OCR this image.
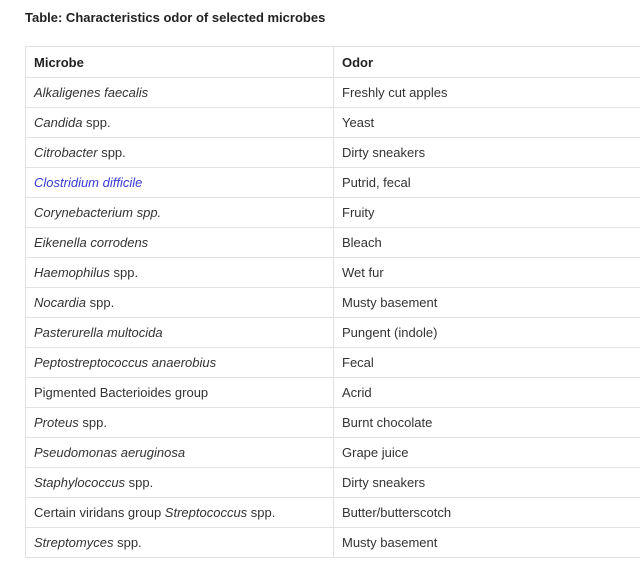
Table: Characteristics odor of selected microbes
Microbe	Odor
Alkaligenes faecalis	Freshly cut apples
Candida spp.	Yeast
Citrobacter spp.	Dirty sneakers
Clostridium difficile	Putrid, fecal
Corynebacterium spp.	Fruity
Eikenella corrodens	Bleach
Haemophilus spp.	Wet fur
Nocardia spp.	Musty basement
Pasterurella multocida	Pungent (indole)
Peptostreptococcus anaerobius	Fecal
Pigmented Bacterioides group	Acrid
Proteus spp.	Burnt chocolate
Pseudomonas aeruginosa	Grape juice
Staphylococcus spp.	Dirty sneakers
Certain viridans group Streptococcus spp.	Butter/butterscotch
Streptomyces spp.	Musty basement
